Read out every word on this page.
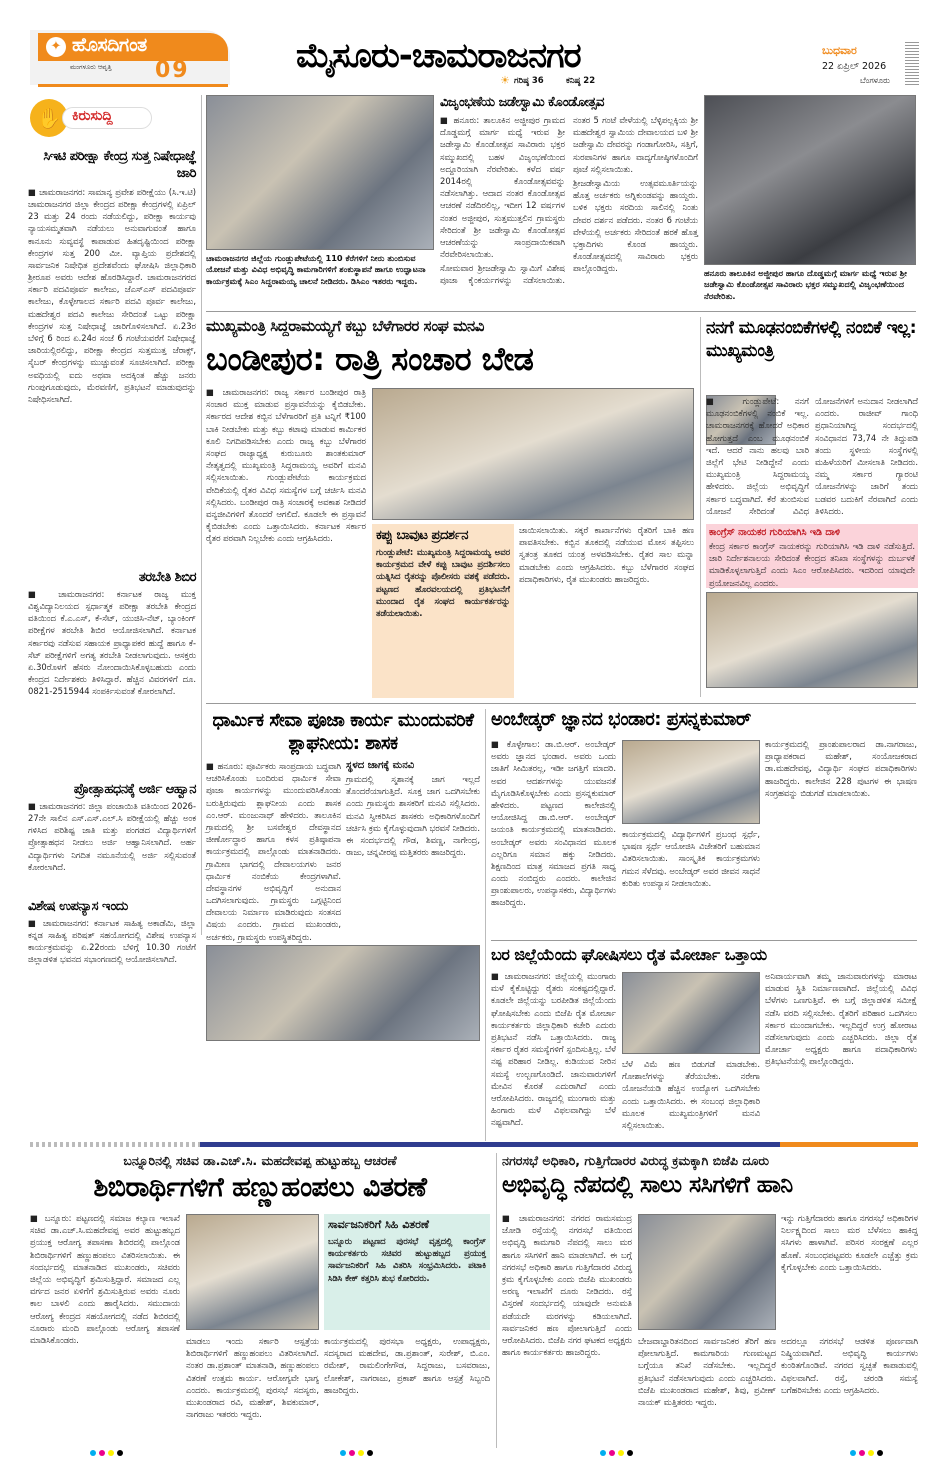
✦ ಹೊಸದಿಗಂತ
ಮಂಗಳೂರು ಆವೃತ್ತಿ 09	ಮೈಸೂರು-ಚಾಮರಾಜನಗರ
☀ ಗರಿಷ್ಠ 36	ಕನಿಷ್ಠ 22
ಬುಧವಾರ
22 ಏಪ್ರಿಲ್ 2026
ಬೆಂಗಳೂರು
✋ ಕಿರುಸುದ್ದಿ
ಸಿಇಟಿ ಪರೀಕ್ಷಾ ಕೇಂದ್ರ ಸುತ್ತ ನಿಷೇಧಾಜ್ಞೆ ಜಾರಿ
■ ಚಾಮರಾಜನಗರ: ಸಾಮಾನ್ಯ ಪ್ರವೇಶ ಪರೀಕ್ಷೆಯು (ಸಿ.ಇ.ಟಿ) ಚಾಮರಾಜನಗರ ಜಿಲ್ಲಾ ಕೇಂದ್ರದ ಪರೀಕ್ಷಾ ಕೇಂದ್ರಗಳಲ್ಲಿ ಏಪ್ರಿಲ್ 23 ಮತ್ತು 24 ರಂದು ನಡೆಯಲಿದ್ದು, ಪರೀಕ್ಷಾ ಕಾರ್ಯವು ನ್ಯಾಯಸಮ್ಮತವಾಗಿ ನಡೆಯಲು ಅನುವಾಗುವಂತೆ ಹಾಗೂ ಕಾನೂನು ಸುವ್ಯವಸ್ಥೆ ಕಾಪಾಡುವ ಹಿತದೃಷ್ಟಿಯಿಂದ ಪರೀಕ್ಷಾ ಕೇಂದ್ರಗಳ ಸುತ್ತ 200 ಮೀ. ವ್ಯಾಪ್ತಿಯ ಪ್ರದೇಶದಲ್ಲಿ ಸಾರ್ವಜನಿಕ ನಿಷೇಧಿತ ಪ್ರದೇಶವೆಂದು ಘೋಷಿಸಿ ಜಿಲ್ಲಾಧಿಕಾರಿ ಶ್ರೀರೂಪ ಅವರು ಆದೇಶ ಹೊರಡಿಸಿದ್ದಾರೆ. ಚಾಮರಾಜನಗರದ ಸರ್ಕಾರಿ ಪದವಿಪೂರ್ವ ಕಾಲೇಜು, ಜೆಎಸ್‌ಎಸ್ ಪದವಿಪೂರ್ವ ಕಾಲೇಜು, ಕೊಳ್ಳೇಗಾಲದ ಸರ್ಕಾರಿ ಪದವಿ ಪೂರ್ವ ಕಾಲೇಜು, ಮಹದೇಶ್ವರ ಪದವಿ ಕಾಲೇಜು ಸೇರಿದಂತೆ ಒಟ್ಟು ಪರೀಕ್ಷಾ ಕೇಂದ್ರಗಳ ಸುತ್ತ ನಿಷೇಧಾಜ್ಞೆ ಜಾರಿಗೊಳಿಸಲಾಗಿದೆ. ಏ.23ರ ಬೆಳಿಗ್ಗೆ 6 ರಿಂದ ಏ.24ರ ಸಂಜೆ 6 ಗಂಟೆಯವರೆಗೆ ನಿಷೇಧಾಜ್ಞೆ ಜಾರಿಯಲ್ಲಿರಲಿದ್ದು, ಪರೀಕ್ಷಾ ಕೇಂದ್ರದ ಸುತ್ತಮುತ್ತ ಜೆರಾಕ್ಸ್, ಸೈಬರ್ ಕೇಂದ್ರಗಳನ್ನು ಮುಚ್ಚುವಂತೆ ಸೂಚಿಸಲಾಗಿದೆ. ಪರೀಕ್ಷಾ ಅವಧಿಯಲ್ಲಿ ಐದು ಅಥವಾ ಅದಕ್ಕಿಂತ ಹೆಚ್ಚು ಜನರು ಗುಂಪುಗೂಡುವುದು, ಮೆರವಣಿಗೆ, ಪ್ರತಿಭಟನೆ ಮಾಡುವುದನ್ನು ನಿಷೇಧಿಸಲಾಗಿದೆ.
ತರಬೇತಿ ಶಿಬಿರ
■ ಚಾಮರಾಜನಗರ: ಕರ್ನಾಟಕ ರಾಜ್ಯ ಮುಕ್ತ ವಿಶ್ವವಿದ್ಯಾನಿಲಯದ ಸ್ಪರ್ಧಾತ್ಮಕ ಪರೀಕ್ಷಾ ತರಬೇತಿ ಕೇಂದ್ರದ ವತಿಯಿಂದ ಕೆ.ಎ.ಎಸ್, ಕೆ-ಸೆಟ್, ಯುಜಿಸಿ-ನೆಟ್, ಬ್ಯಾಂಕಿಂಗ್ ಪರೀಕ್ಷೆಗಳ ತರಬೇತಿ ಶಿಬಿರ ಆಯೋಜಿಸಲಾಗಿದೆ. ಕರ್ನಾಟಕ ಸರ್ಕಾರವು ನಡೆಸುವ ಸಹಾಯಕ ಪ್ರಾಧ್ಯಾಪಕರ ಹುದ್ದೆ ಹಾಗೂ ಕೆ-ಸೆಟ್ ಪರೀಕ್ಷೆಗಳಿಗೆ ಅಗತ್ಯ ತರಬೇತಿ ನೀಡಲಾಗುವುದು. ಆಸಕ್ತರು ಏ.30ರೊಳಗೆ ಹೆಸರು ನೋಂದಾಯಿಸಿಕೊಳ್ಳಬಹುದು ಎಂದು ಕೇಂದ್ರದ ನಿರ್ದೇಶಕರು ತಿಳಿಸಿದ್ದಾರೆ. ಹೆಚ್ಚಿನ ವಿವರಗಳಿಗೆ ದೂ. 0821-2515944 ಸಂಪರ್ಕಿಸುವಂತೆ ಕೋರಲಾಗಿದೆ.
ಪ್ರೋತ್ಸಾಹಧನಕ್ಕೆ ಅರ್ಜಿ ಆಹ್ವಾನ
■ ಚಾಮರಾಜನಗರ: ಜಿಲ್ಲಾ ಪಂಚಾಯಿತಿ ವತಿಯಿಂದ 2026-27ನೇ ಸಾಲಿನ ಎಸ್.ಎಸ್.ಎಲ್.ಸಿ ಪರೀಕ್ಷೆಯಲ್ಲಿ ಹೆಚ್ಚು ಅಂಕ ಗಳಿಸಿದ ಪರಿಶಿಷ್ಟ ಜಾತಿ ಮತ್ತು ಪಂಗಡದ ವಿದ್ಯಾರ್ಥಿಗಳಿಗೆ ಪ್ರೋತ್ಸಾಹಧನ ನೀಡಲು ಅರ್ಜಿ ಆಹ್ವಾನಿಸಲಾಗಿದೆ. ಅರ್ಹ ವಿದ್ಯಾರ್ಥಿಗಳು ನಿಗದಿತ ನಮೂನೆಯಲ್ಲಿ ಅರ್ಜಿ ಸಲ್ಲಿಸುವಂತೆ ಕೋರಲಾಗಿದೆ.
ವಿಶೇಷ ಉಪನ್ಯಾಸ ಇಂದು
■ ಚಾಮರಾಜನಗರ: ಕರ್ನಾಟಕ ಸಾಹಿತ್ಯ ಅಕಾಡೆಮಿ, ಜಿಲ್ಲಾ ಕನ್ನಡ ಸಾಹಿತ್ಯ ಪರಿಷತ್ ಸಹಯೋಗದಲ್ಲಿ ವಿಶೇಷ ಉಪನ್ಯಾಸ ಕಾರ್ಯಕ್ರಮವನ್ನು ಏ.22ರಂದು ಬೆಳಿಗ್ಗೆ 10.30 ಗಂಟೆಗೆ ಜಿಲ್ಲಾಡಳಿತ ಭವನದ ಸಭಾಂಗಣದಲ್ಲಿ ಆಯೋಜಿಸಲಾಗಿದೆ.
ಚಾಮರಾಜನಗರ ಜಿಲ್ಲೆಯ ಗುಂಡ್ಲುಪೇಟೆಯಲ್ಲಿ 110 ಕೆರೆಗಳಿಗೆ ನೀರು ತುಂಬಿಸುವ ಯೋಜನೆ ಮತ್ತು ವಿವಿಧ ಅಭಿವೃದ್ಧಿ ಕಾಮಗಾರಿಗಳಿಗೆ ಶಂಕುಸ್ಥಾಪನೆ ಹಾಗೂ ಉದ್ಘಾಟನಾ ಕಾರ್ಯಕ್ರಮಕ್ಕೆ ಸಿಎಂ ಸಿದ್ದರಾಮಯ್ಯ ಚಾಲನೆ ನೀಡಿದರು. ಡಿಸಿಎಂ ಇತರರು ಇದ್ದರು.
ವಿಜೃಂಭಣೆಯ ಜಡೇಸ್ವಾಮಿ ಕೊಂಡೋತ್ಸವ

■ ಹನೂರು: ತಾಲೂಕಿನ ಅಜ್ಜೀಪುರ ಗ್ರಾಮದ ದೊಡ್ಡಮಗ್ಗೆ ಮಾರ್ಗ ಮಧ್ಯೆ ಇರುವ ಶ್ರೀ ಜಡೇಸ್ವಾಮಿ ಕೊಂಡೋತ್ಸವ ಸಾವಿರಾರು ಭಕ್ತರ ಸಮ್ಮುಖದಲ್ಲಿ ಬಹಳ ವಿಜೃಂಭಣೆಯಿಂದ ಅದ್ದೂರಿಯಾಗಿ ನೆರವೇರಿತು. ಕಳೆದ ವರ್ಷ 2014ರಲ್ಲಿ ಕೊಂಡೋತ್ಸವವನ್ನು ನಡೆಸಲಾಗಿತ್ತು. ಆದಾದ ನಂತರ ಕೊಂಡೋತ್ಸವ ಆಚರಣೆ ನಡೆದಿರಲಿಲ್ಲ, ಇದೀಗ 12 ವರ್ಷಗಳ ನಂತರ ಅಜ್ಜೀಪುರ, ಸುತ್ತಮುತ್ತಲಿನ ಗ್ರಾಮಸ್ಥರು ಸೇರಿದಂತೆ ಶ್ರೀ ಜಡೇಸ್ವಾಮಿ ಕೊಂಡೋತ್ಸವ ಆಚರಣೆಯನ್ನು ಸಾಂಪ್ರದಾಯಿಕವಾಗಿ ನೆರವೇರಿಸಲಾಯಿತು.

ಸೋಮವಾರ ಶ್ರೀಜಡೇಸ್ವಾಮಿ ಸ್ವಾಮಿಗೆ ವಿಶೇಷ ಪೂಜಾ ಕೈಂಕರ್ಯಗಳನ್ನು ನಡೆಸಲಾಯಿತು. ನಂತರ 5 ಗಂಟೆ ವೇಳೆಯಲ್ಲಿ ಬೆಳ್ಳಿಪಲ್ಲಕ್ಕಿಯ ಶ್ರೀ ಮಹದೇಶ್ವರ ಸ್ವಾಮಿಯ ದೇವಾಲಯದ ಬಳಿ ಶ್ರೀ ಜಡೇಸ್ವಾಮಿ ದೇವರನ್ನು ಗಂಡಾಗೋರಿಸಿ, ಸತ್ತಿಗೆ, ಸುರಪಾನಿಗಳ ಹಾಗೂ ವಾದ್ಯಗೋಷ್ಠಿಗಳೊಂದಿಗೆ ಪೂಜೆ ಸಲ್ಲಿಸಲಾಯಿತು.

ಶ್ರೀಜಡೇಸ್ವಾಮಿಯ ಉತ್ಸವಮೂರ್ತಿಯನ್ನು ಹೊತ್ತ ಅರ್ಚಕರು ಅಗ್ನಿಕುಂಡವನ್ನು ಹಾಯ್ದರು. ಬಳಿಕ ಭಕ್ತರು ಸರದಿಯ ಸಾಲಿನಲ್ಲಿ ನಿಂತು ದೇವರ ದರ್ಶನ ಪಡೆದರು. ನಂತರ 6 ಗಂಟೆಯ ವೇಳೆಯಲ್ಲಿ ಅರ್ಚಕರು ಸೇರಿದಂತೆ ಹರಕೆ ಹೊತ್ತ ಭಕ್ತಾದಿಗಳು ಕೊಂಡ ಹಾಯ್ದರು. ಕೊಂಡೋತ್ಸವದಲ್ಲಿ ಸಾವಿರಾರು ಭಕ್ತರು ಪಾಲ್ಗೊಂಡಿದ್ದರು.	ಹನೂರು ತಾಲೂಕಿನ ಅಜ್ಜೀಪುರ ಹಾಗೂ ದೊಡ್ಡಮಗ್ಗೆ ಮಾರ್ಗ ಮಧ್ಯೆ ಇರುವ ಶ್ರೀ ಜಡೇಸ್ವಾಮಿ ಕೊಂಡೋತ್ಸವ ಸಾವಿರಾರು ಭಕ್ತರ ಸಮ್ಮುಖದಲ್ಲಿ ವಿಜೃಂಭಣೆಯಿಂದ ನೆರವೇರಿತು.
ಮುಖ್ಯಮಂತ್ರಿ ಸಿದ್ದರಾಮಯ್ಯಗೆ ಕಬ್ಬು ಬೆಳೆಗಾರರ ಸಂಘ ಮನವಿ
ಬಂಡೀಪುರ: ರಾತ್ರಿ ಸಂಚಾರ ಬೇಡ
■ ಚಾಮರಾಜನಗರ: ರಾಜ್ಯ ಸರ್ಕಾರ ಬಂಡೀಪುರ ರಾತ್ರಿ ಸಂಚಾರ ಮುಕ್ತ ಮಾಡುವ ಪ್ರಸ್ತಾವನೆಯನ್ನು ಕೈಬಿಡಬೇಕು. ಸರ್ಕಾರದ ಆದೇಶ ಕಬ್ಬಿನ ಬೆಳೆಗಾರರಿಗೆ ಪ್ರತಿ ಟನ್ನಿಗೆ ₹100 ಬಾಕಿ ನೀಡಬೇಕು ಮತ್ತು ಕಬ್ಬು ಕಟಾವು ಮಾಡುವ ಕಾರ್ಮಿಕರ ಕೂಲಿ ನಿಗದಿಪಡಿಸಬೇಕು ಎಂದು ರಾಜ್ಯ ಕಬ್ಬು ಬೆಳೆಗಾರರ ಸಂಘದ ರಾಜ್ಯಾಧ್ಯಕ್ಷ ಕುರುಬೂರು ಶಾಂತಕುಮಾರ್ ನೇತೃತ್ವದಲ್ಲಿ ಮುಖ್ಯಮಂತ್ರಿ ಸಿದ್ದರಾಮಯ್ಯ ಅವರಿಗೆ ಮನವಿ ಸಲ್ಲಿಸಲಾಯಿತು. ಗುಂಡ್ಲುಪೇಟೆಯ ಕಾರ್ಯಕ್ರಮದ ವೇದಿಕೆಯಲ್ಲಿ ರೈತರ ವಿವಿಧ ಸಮಸ್ಯೆಗಳ ಬಗ್ಗೆ ಚರ್ಚಿಸಿ ಮನವಿ ಸಲ್ಲಿಸಿದರು. ಬಂಡೀಪುರ ರಾತ್ರಿ ಸಂಚಾರಕ್ಕೆ ಅವಕಾಶ ನೀಡಿದರೆ ವನ್ಯಜೀವಿಗಳಿಗೆ ತೊಂದರೆ ಆಗಲಿದೆ. ಕೂಡಲೇ ಈ ಪ್ರಸ್ತಾವನೆ ಕೈಬಿಡಬೇಕು ಎಂದು ಒತ್ತಾಯಿಸಿದರು. ಕರ್ನಾಟಕ ಸರ್ಕಾರ ರೈತರ ಪರವಾಗಿ ನಿಲ್ಲಬೇಕು ಎಂದು ಆಗ್ರಹಿಸಿದರು.	ಕಪ್ಪು ಬಾವುಟ ಪ್ರದರ್ಶನ
ಗುಂಡ್ಲುಪೇಟೆ: ಮುಖ್ಯಮಂತ್ರಿ ಸಿದ್ದರಾಮಯ್ಯ ಅವರ ಕಾರ್ಯಕ್ರಮದ ವೇಳೆ ಕಪ್ಪು ಬಾವುಟ ಪ್ರದರ್ಶಿಸಲು ಯತ್ನಿಸಿದ ರೈತರನ್ನು ಪೊಲೀಸರು ವಶಕ್ಕೆ ಪಡೆದರು. ಪಟ್ಟಣದ ಹೊರವಲಯದಲ್ಲಿ ಪ್ರತಿಭಟನೆಗೆ ಮುಂದಾದ ರೈತ ಸಂಘದ ಕಾರ್ಯಕರ್ತರನ್ನು ತಡೆಯಲಾಯಿತು.
ಜಾಯಿಸಲಾಯಿತು. ಸಕ್ಕರೆ ಕಾರ್ಖಾನೆಗಳು ರೈತರಿಗೆ ಬಾಕಿ ಹಣ ಪಾವತಿಸಬೇಕು. ಕಬ್ಬಿನ ತೂಕದಲ್ಲಿ ನಡೆಯುವ ಮೋಸ ತಪ್ಪಿಸಲು ಸ್ವತಂತ್ರ ತೂಕದ ಯಂತ್ರ ಅಳವಡಿಸಬೇಕು. ರೈತರ ಸಾಲ ಮನ್ನಾ ಮಾಡಬೇಕು ಎಂದು ಆಗ್ರಹಿಸಿದರು. ಕಬ್ಬು ಬೆಳೆಗಾರರ ಸಂಘದ ಪದಾಧಿಕಾರಿಗಳು, ರೈತ ಮುಖಂಡರು ಹಾಜರಿದ್ದರು.
ನನಗೆ ಮೂಢನಂಬಿಕೆಗಳಲ್ಲಿ ನಂಬಿಕೆ ಇಲ್ಲ: ಮುಖ್ಯಮಂತ್ರಿ
■ ಗುಂಡ್ಲುಪೇಟೆ: ನನಗೆ ಮೂಢನಂಬಿಕೆಗಳಲ್ಲಿ ನಂಬಿಕೆ ಇಲ್ಲ. ಚಾಮರಾಜನಗರಕ್ಕೆ ಹೋದರೆ ಅಧಿಕಾರ ಹೋಗುತ್ತದೆ ಎಂಬ ಮೂಢನಂಬಿಕೆ ಇದೆ. ಆದರೆ ನಾನು ಹಲವು ಬಾರಿ ಜಿಲ್ಲೆಗೆ ಭೇಟಿ ನೀಡಿದ್ದೇನೆ ಎಂದು ಮುಖ್ಯಮಂತ್ರಿ ಸಿದ್ದರಾಮಯ್ಯ ಹೇಳಿದರು. ಜಿಲ್ಲೆಯ ಅಭಿವೃದ್ಧಿಗೆ ಸರ್ಕಾರ ಬದ್ಧವಾಗಿದೆ. ಕೆರೆ ತುಂಬಿಸುವ ಯೋಜನೆ ಸೇರಿದಂತೆ ವಿವಿಧ ಯೋಜನೆಗಳಿಗೆ ಅನುದಾನ ನೀಡಲಾಗಿದೆ ಎಂದರು. ರಾಜೀವ್ ಗಾಂಧಿ ಪ್ರಧಾನಿಯಾಗಿದ್ದ ಸಂದರ್ಭದಲ್ಲಿ ಸಂವಿಧಾನದ 73,74 ನೇ ತಿದ್ದುಪಡಿ ತಂದು ಸ್ಥಳೀಯ ಸಂಸ್ಥೆಗಳಲ್ಲಿ ಮಹಿಳೆಯರಿಗೆ ಮೀಸಲಾತಿ ನೀಡಿದರು. ನಮ್ಮ ಸರ್ಕಾರ ಗ್ಯಾರಂಟಿ ಯೋಜನೆಗಳನ್ನು ಜಾರಿಗೆ ತಂದು ಬಡವರ ಬದುಕಿಗೆ ನೆರವಾಗಿದೆ ಎಂದು ತಿಳಿಸಿದರು.
ಕಾಂಗ್ರೆಸ್ ನಾಯಕರ ಗುರಿಯಾಗಿಸಿ ಇಡಿ ದಾಳಿ
ಕೇಂದ್ರ ಸರ್ಕಾರ ಕಾಂಗ್ರೆಸ್ ನಾಯಕರನ್ನು ಗುರಿಯಾಗಿಸಿ ಇಡಿ ದಾಳಿ ನಡೆಸುತ್ತಿದೆ. ಜಾರಿ ನಿರ್ದೇಶನಾಲಯ ಸೇರಿದಂತೆ ಕೇಂದ್ರದ ತನಿಖಾ ಸಂಸ್ಥೆಗಳನ್ನು ದುರ್ಬಳಕೆ ಮಾಡಿಕೊಳ್ಳಲಾಗುತ್ತಿದೆ ಎಂದು ಸಿಎಂ ಆರೋಪಿಸಿದರು. ಇದರಿಂದ ಯಾವುದೇ ಪ್ರಯೋಜನವಿಲ್ಲ ಎಂದರು.
ಧಾರ್ಮಿಕ ಸೇವಾ ಪೂಜಾ ಕಾರ್ಯ ಮುಂದುವರಿಕೆ ಶ್ಲಾಘನೀಯ: ಶಾಸಕ
■ ಹನೂರು: ಪೂರ್ವಿಕರು ಸಾಂಪ್ರದಾಯ ಬದ್ಧವಾಗಿ ಆಚರಿಸಿಕೊಂಡು ಬಂದಿರುವ ಧಾರ್ಮಿಕ ಸೇವಾ ಪೂಜಾ ಕಾರ್ಯಗಳನ್ನು ಮುಂದುವರಿಸಿಕೊಂಡು ಬರುತ್ತಿರುವುದು ಶ್ಲಾಘನೀಯ ಎಂದು ಶಾಸಕ ಎಂ.ಆರ್. ಮಂಜುನಾಥ್ ಹೇಳಿದರು. ತಾಲೂಕಿನ ಗ್ರಾಮದಲ್ಲಿ ಶ್ರೀ ಬಸವೇಶ್ವರ ದೇವಸ್ಥಾನದ ಜೀರ್ಣೋದ್ಧಾರ ಹಾಗೂ ಕಳಸ ಪ್ರತಿಷ್ಠಾಪನಾ ಕಾರ್ಯಕ್ರಮದಲ್ಲಿ ಪಾಲ್ಗೊಂಡು ಮಾತನಾಡಿದರು. ಗ್ರಾಮೀಣ ಭಾಗದಲ್ಲಿ ದೇವಾಲಯಗಳು ಜನರ ಧಾರ್ಮಿಕ ನಂಬಿಕೆಯ ಕೇಂದ್ರಗಳಾಗಿವೆ. ದೇವಸ್ಥಾನಗಳ ಅಭಿವೃದ್ಧಿಗೆ ಅನುದಾನ ಒದಗಿಸಲಾಗುವುದು. ಗ್ರಾಮಸ್ಥರು ಒಗ್ಗಟ್ಟಿನಿಂದ ದೇವಾಲಯ ನಿರ್ಮಾಣ ಮಾಡಿರುವುದು ಸಂತಸದ ವಿಷಯ ಎಂದರು. ಗ್ರಾಮದ ಮುಖಂಡರು, ಅರ್ಚಕರು, ಗ್ರಾಮಸ್ಥರು ಉಪಸ್ಥಿತರಿದ್ದರು.
ಸ್ಥಳದ ಜಾಗಕ್ಕೆ ಮನವಿ
ಗ್ರಾಮದಲ್ಲಿ ಸ್ಮಶಾನಕ್ಕೆ ಜಾಗ ಇಲ್ಲದೆ ತೊಂದರೆಯಾಗುತ್ತಿದೆ. ಸೂಕ್ತ ಜಾಗ ಒದಗಿಸಬೇಕು ಎಂದು ಗ್ರಾಮಸ್ಥರು ಶಾಸಕರಿಗೆ ಮನವಿ ಸಲ್ಲಿಸಿದರು. ಮನವಿ ಸ್ವೀಕರಿಸಿದ ಶಾಸಕರು ಅಧಿಕಾರಿಗಳೊಂದಿಗೆ ಚರ್ಚಿಸಿ ಕ್ರಮ ಕೈಗೊಳ್ಳುವುದಾಗಿ ಭರವಸೆ ನೀಡಿದರು. ಈ ಸಂದರ್ಭದಲ್ಲಿ ಗೌಡ, ಶಿವಣ್ಣ, ನಾಗೇಂದ್ರ, ರಾಜು, ಚನ್ನವೀರಪ್ಪ ಮತ್ತಿತರರು ಹಾಜರಿದ್ದರು.
ಅಂಬೇಡ್ಕರ್ ಜ್ಞಾನದ ಭಂಡಾರ: ಪ್ರಸನ್ನಕುಮಾರ್
■ ಕೊಳ್ಳೇಗಾಲ: ಡಾ.ಬಿ.ಆರ್. ಅಂಬೇಡ್ಕರ್ ಅವರು ಜ್ಞಾನದ ಭಂಡಾರ. ಅವರು ಒಂದು ಜಾತಿಗೆ ಸೀಮಿತರಲ್ಲ, ಇಡೀ ಜಗತ್ತಿಗೆ ಮಾದರಿ. ಅವರ ಆದರ್ಶಗಳನ್ನು ಯುವಜನತೆ ಮೈಗೂಡಿಸಿಕೊಳ್ಳಬೇಕು ಎಂದು ಪ್ರಸನ್ನಕುಮಾರ್ ಹೇಳಿದರು. ಪಟ್ಟಣದ ಕಾಲೇಜಿನಲ್ಲಿ ಆಯೋಜಿಸಿದ್ದ ಡಾ.ಬಿ.ಆರ್. ಅಂಬೇಡ್ಕರ್ ಜಯಂತಿ ಕಾರ್ಯಕ್ರಮದಲ್ಲಿ ಮಾತನಾಡಿದರು. ಅಂಬೇಡ್ಕರ್ ಅವರು ಸಂವಿಧಾನದ ಮೂಲಕ ಎಲ್ಲರಿಗೂ ಸಮಾನ ಹಕ್ಕು ನೀಡಿದರು. ಶಿಕ್ಷಣದಿಂದ ಮಾತ್ರ ಸಮಾಜದ ಪ್ರಗತಿ ಸಾಧ್ಯ ಎಂದು ನಂಬಿದ್ದರು ಎಂದರು. ಕಾಲೇಜಿನ ಪ್ರಾಂಶುಪಾಲರು, ಉಪನ್ಯಾಸಕರು, ವಿದ್ಯಾರ್ಥಿಗಳು ಹಾಜರಿದ್ದರು.
ಕಾರ್ಯಕ್ರಮದಲ್ಲಿ ವಿದ್ಯಾರ್ಥಿಗಳಿಗೆ ಪ್ರಬಂಧ ಸ್ಪರ್ಧೆ, ಭಾಷಣ ಸ್ಪರ್ಧೆ ಆಯೋಜಿಸಿ ವಿಜೇತರಿಗೆ ಬಹುಮಾನ ವಿತರಿಸಲಾಯಿತು. ಸಾಂಸ್ಕೃತಿಕ ಕಾರ್ಯಕ್ರಮಗಳು ಗಮನ ಸೆಳೆದವು. ಅಂಬೇಡ್ಕರ್ ಅವರ ಜೀವನ ಸಾಧನೆ ಕುರಿತು ಉಪನ್ಯಾಸ ನೀಡಲಾಯಿತು.
ಕಾರ್ಯಕ್ರಮದಲ್ಲಿ ಪ್ರಾಂಶುಪಾಲರಾದ ಡಾ.ನಾಗರಾಜು, ಪ್ರಾಧ್ಯಾಪಕರಾದ ಮಹೇಶ್, ಸಂಯೋಜಕರಾದ ಡಾ.ಮಹದೇವಪ್ಪ, ವಿದ್ಯಾರ್ಥಿ ಸಂಘದ ಪದಾಧಿಕಾರಿಗಳು ಹಾಜರಿದ್ದರು. ಕಾಲೇಜಿನ 228 ಪುಟಗಳ ಈ ಭಾಷಣ ಸಂಗ್ರಹವನ್ನು ಬಿಡುಗಡೆ ಮಾಡಲಾಯಿತು.
ಬರ ಜಿಲ್ಲೆಯೆಂದು ಘೋಷಿಸಲು ರೈತ ಮೋರ್ಚಾ ಒತ್ತಾಯ
■ ಚಾಮರಾಜನಗರ: ಜಿಲ್ಲೆಯಲ್ಲಿ ಮುಂಗಾರು ಮಳೆ ಕೈಕೊಟ್ಟಿದ್ದು ರೈತರು ಸಂಕಷ್ಟದಲ್ಲಿದ್ದಾರೆ. ಕೂಡಲೇ ಜಿಲ್ಲೆಯನ್ನು ಬರಪೀಡಿತ ಜಿಲ್ಲೆಯೆಂದು ಘೋಷಿಸಬೇಕು ಎಂದು ಬಿಜೆಪಿ ರೈತ ಮೋರ್ಚಾ ಕಾರ್ಯಕರ್ತರು ಜಿಲ್ಲಾಧಿಕಾರಿ ಕಚೇರಿ ಎದುರು ಪ್ರತಿಭಟನೆ ನಡೆಸಿ ಒತ್ತಾಯಿಸಿದರು. ರಾಜ್ಯ ಸರ್ಕಾರ ರೈತರ ಸಮಸ್ಯೆಗಳಿಗೆ ಸ್ಪಂದಿಸುತ್ತಿಲ್ಲ. ಬೆಳೆ ನಷ್ಟ ಪರಿಹಾರ ನೀಡಿಲ್ಲ. ಕುಡಿಯುವ ನೀರಿನ ಸಮಸ್ಯೆ ಉಲ್ಬಣಗೊಂಡಿದೆ. ಜಾನುವಾರುಗಳಿಗೆ ಮೇವಿನ ಕೊರತೆ ಎದುರಾಗಿದೆ ಎಂದು ಆರೋಪಿಸಿದರು. ರಾಜ್ಯದಲ್ಲಿ ಮುಂಗಾರು ಮತ್ತು ಹಿಂಗಾರು ಮಳೆ ವಿಫಲವಾಗಿದ್ದು ಬೆಳೆ ನಷ್ಟವಾಗಿದೆ.
ಬೆಳೆ ವಿಮೆ ಹಣ ಬಿಡುಗಡೆ ಮಾಡಬೇಕು. ಗೋಶಾಲೆಗಳನ್ನು ತೆರೆಯಬೇಕು. ನರೇಗಾ ಯೋಜನೆಯಡಿ ಹೆಚ್ಚಿನ ಉದ್ಯೋಗ ಒದಗಿಸಬೇಕು ಎಂದು ಒತ್ತಾಯಿಸಿದರು. ಈ ಸಂಬಂಧ ಜಿಲ್ಲಾಧಿಕಾರಿ ಮೂಲಕ ಮುಖ್ಯಮಂತ್ರಿಗಳಿಗೆ ಮನವಿ ಸಲ್ಲಿಸಲಾಯಿತು.
ಅನಿವಾರ್ಯವಾಗಿ ತಮ್ಮ ಜಾನುವಾರುಗಳನ್ನು ಮಾರಾಟ ಮಾಡುವ ಸ್ಥಿತಿ ನಿರ್ಮಾಣವಾಗಿದೆ. ಜಿಲ್ಲೆಯಲ್ಲಿ ವಿವಿಧ ಬೆಳೆಗಳು ಒಣಗುತ್ತಿವೆ. ಈ ಬಗ್ಗೆ ಜಿಲ್ಲಾಡಳಿತ ಸಮೀಕ್ಷೆ ನಡೆಸಿ ವರದಿ ಸಲ್ಲಿಸಬೇಕು. ರೈತರಿಗೆ ಪರಿಹಾರ ಒದಗಿಸಲು ಸರ್ಕಾರ ಮುಂದಾಗಬೇಕು. ಇಲ್ಲದಿದ್ದರೆ ಉಗ್ರ ಹೋರಾಟ ನಡೆಸಲಾಗುವುದು ಎಂದು ಎಚ್ಚರಿಸಿದರು. ಜಿಲ್ಲಾ ರೈತ ಮೋರ್ಚಾ ಅಧ್ಯಕ್ಷರು ಹಾಗೂ ಪದಾಧಿಕಾರಿಗಳು ಪ್ರತಿಭಟನೆಯಲ್ಲಿ ಪಾಲ್ಗೊಂಡಿದ್ದರು.
ಬನ್ನೂರಿನಲ್ಲಿ ಸಚಿವ ಡಾ.ಎಚ್.ಸಿ. ಮಹದೇವಪ್ಪ ಹುಟ್ಟುಹಬ್ಬ ಆಚರಣೆ
ಶಿಬಿರಾರ್ಥಿಗಳಿಗೆ ಹಣ್ಣುಹಂಪಲು ವಿತರಣೆ
■ ಬನ್ನೂರು: ಪಟ್ಟಣದಲ್ಲಿ ಸಮಾಜ ಕಲ್ಯಾಣ ಇಲಾಖೆ ಸಚಿವ ಡಾ.ಎಚ್.ಸಿ.ಮಹದೇವಪ್ಪ ಅವರ ಹುಟ್ಟುಹಬ್ಬದ ಪ್ರಯುಕ್ತ ಆರೋಗ್ಯ ತಪಾಸಣಾ ಶಿಬಿರದಲ್ಲಿ ಪಾಲ್ಗೊಂಡ ಶಿಬಿರಾರ್ಥಿಗಳಿಗೆ ಹಣ್ಣುಹಂಪಲು ವಿತರಿಸಲಾಯಿತು. ಈ ಸಂದರ್ಭದಲ್ಲಿ ಮಾತನಾಡಿದ ಮುಖಂಡರು, ಸಚಿವರು ಜಿಲ್ಲೆಯ ಅಭಿವೃದ್ಧಿಗೆ ಶ್ರಮಿಸುತ್ತಿದ್ದಾರೆ. ಸಮಾಜದ ಎಲ್ಲ ವರ್ಗದ ಜನರ ಏಳಿಗೆಗೆ ಶ್ರಮಿಸುತ್ತಿರುವ ಅವರು ನೂರು ಕಾಲ ಬಾಳಲಿ ಎಂದು ಹಾರೈಸಿದರು. ಸಮುದಾಯ ಆರೋಗ್ಯ ಕೇಂದ್ರದ ಸಹಯೋಗದಲ್ಲಿ ನಡೆದ ಶಿಬಿರದಲ್ಲಿ ನೂರಾರು ಮಂದಿ ಪಾಲ್ಗೊಂಡು ಆರೋಗ್ಯ ತಪಾಸಣೆ ಮಾಡಿಸಿಕೊಂಡರು.
ಸಾರ್ವಜನಿಕರಿಗೆ ಸಿಹಿ ವಿತರಣೆ
ಬನ್ನೂರು ಪಟ್ಟಣದ ಪುರಸಭೆ ವೃತ್ತದಲ್ಲಿ ಕಾಂಗ್ರೆಸ್ ಕಾರ್ಯಕರ್ತರು ಸಚಿವರ ಹುಟ್ಟುಹಬ್ಬದ ಪ್ರಯುಕ್ತ ಸಾರ್ವಜನಿಕರಿಗೆ ಸಿಹಿ ವಿತರಿಸಿ ಸಂಭ್ರಮಿಸಿದರು. ಪಟಾಕಿ ಸಿಡಿಸಿ ಕೇಕ್ ಕತ್ತರಿಸಿ ಶುಭ ಕೋರಿದರು.
ಮಾಡಲು ಇಂದು ಸರ್ಕಾರಿ ಆಸ್ಪತ್ರೆಯ ಶಿಬಿರಾರ್ಥಿಗಳಿಗೆ ಹಣ್ಣುಹಂಪಲು ವಿತರಿಸಲಾಗಿದೆ. ನಂತರ ಡಾ.ಪ್ರಶಾಂತ್ ಮಾತನಾಡಿ, ಹಣ್ಣುಹಂಪಲು ವಿತರಣೆ ಉತ್ತಮ ಕಾರ್ಯ. ಆರೋಗ್ಯವೇ ಭಾಗ್ಯ ಎಂದರು. ಕಾರ್ಯಕ್ರಮದಲ್ಲಿ ಪುರಸಭೆ ಸದಸ್ಯರು, ಮುಖಂಡರಾದ ರವಿ, ಮಹೇಶ್, ಶಿವಕುಮಾರ್, ನಾಗರಾಜು ಇತರರು ಇದ್ದರು.
ಕಾರ್ಯಕ್ರಮದಲ್ಲಿ ಪುರಸಭಾ ಅಧ್ಯಕ್ಷರು, ಉಪಾಧ್ಯಕ್ಷರು, ಸದಸ್ಯರಾದ ಮಹದೇವ, ಡಾ.ಪ್ರಶಾಂತ್, ಸುರೇಶ್, ಬಿ.ಎಂ. ರಮೇಶ್, ರಾಮಲಿಂಗೇಗೌಡ, ಸಿದ್ದರಾಜು, ಬಸವರಾಜು, ಲೋಕೇಶ್, ನಾಗರಾಜು, ಪ್ರಕಾಶ್ ಹಾಗೂ ಆಸ್ಪತ್ರೆ ಸಿಬ್ಬಂದಿ ಹಾಜರಿದ್ದರು.
ನಗರಸಭೆ ಅಧಿಕಾರಿ, ಗುತ್ತಿಗೆದಾರರ ವಿರುದ್ಧ ಕ್ರಮಕ್ಕಾಗಿ ಬಿಜೆಪಿ ದೂರು
ಅಭಿವೃದ್ಧಿ ನೆಪದಲ್ಲಿ ಸಾಲು ಸಸಿಗಳಿಗೆ ಹಾನಿ
■ ಚಾಮರಾಜನಗರ: ನಗರದ ರಾಮಸಮುದ್ರ ಜೋಡಿ ರಸ್ತೆಯಲ್ಲಿ ನಗರಸಭೆ ವತಿಯಿಂದ ಅಭಿವೃದ್ಧಿ ಕಾಮಗಾರಿ ನೆಪದಲ್ಲಿ ಸಾಲು ಮರ ಹಾಗೂ ಸಸಿಗಳಿಗೆ ಹಾನಿ ಮಾಡಲಾಗಿದೆ. ಈ ಬಗ್ಗೆ ನಗರಸಭೆ ಅಧಿಕಾರಿ ಹಾಗೂ ಗುತ್ತಿಗೆದಾರರ ವಿರುದ್ಧ ಕ್ರಮ ಕೈಗೊಳ್ಳಬೇಕು ಎಂದು ಬಿಜೆಪಿ ಮುಖಂಡರು ಅರಣ್ಯ ಇಲಾಖೆಗೆ ದೂರು ನೀಡಿದರು. ರಸ್ತೆ ವಿಸ್ತರಣೆ ಸಂದರ್ಭದಲ್ಲಿ ಯಾವುದೇ ಅನುಮತಿ ಪಡೆಯದೇ ಮರಗಳನ್ನು ಕಡಿಯಲಾಗಿದೆ. ಸಾರ್ವಜನಿಕರ ಹಣ ಪೋಲಾಗುತ್ತಿದೆ ಎಂದು ಆರೋಪಿಸಿದರು. ಬಿಜೆಪಿ ನಗರ ಘಟಕದ ಅಧ್ಯಕ್ಷರು ಹಾಗೂ ಕಾರ್ಯಕರ್ತರು ಹಾಜರಿದ್ದರು.
ಬೇಜವಾಬ್ದಾರಿತನದಿಂದ ಸಾರ್ವಜನಿಕರ ತೆರಿಗೆ ಹಣ ಪೋಲಾಗುತ್ತಿದೆ. ಕಾಮಗಾರಿಯ ಗುಣಮಟ್ಟದ ಬಗ್ಗೆಯೂ ತನಿಖೆ ನಡೆಸಬೇಕು. ಇಲ್ಲದಿದ್ದರೆ ಪ್ರತಿಭಟನೆ ನಡೆಸಲಾಗುವುದು ಎಂದು ಎಚ್ಚರಿಸಿದರು. ಬಿಜೆಪಿ ಮುಖಂಡರಾದ ಮಹೇಶ್, ಶಿವು, ಪ್ರವೀಣ್ ನಾಯಕ್ ಮತ್ತಿತರರು ಇದ್ದರು.
ಇನ್ನು ಗುತ್ತಿಗೆದಾರರು ಹಾಗೂ ನಗರಸಭೆ ಅಧಿಕಾರಿಗಳ ನಿರ್ಲಕ್ಷ್ಯದಿಂದ ಸಾಲು ಮರ ಬೆಳೆಸಲು ಹಾಕಿದ್ದ ಸಸಿಗಳು ಹಾಳಾಗಿವೆ. ಪರಿಸರ ಸಂರಕ್ಷಣೆ ಎಲ್ಲರ ಹೊಣೆ. ಸಂಬಂಧಪಟ್ಟವರು ಕೂಡಲೇ ಎಚ್ಚೆತ್ತು ಕ್ರಮ ಕೈಗೊಳ್ಳಬೇಕು ಎಂದು ಒತ್ತಾಯಿಸಿದರು.
ಅದರಲ್ಲೂ ನಗರಸಭೆ ಆಡಳಿತ ಪೂರ್ಣವಾಗಿ ನಿಷ್ಕ್ರಿಯವಾಗಿದೆ. ಅಭಿವೃದ್ಧಿ ಕಾರ್ಯಗಳು ಕುಂಠಿತಗೊಂಡಿವೆ. ನಗರದ ಸ್ವಚ್ಛತೆ ಕಾಪಾಡುವಲ್ಲಿ ವಿಫಲವಾಗಿದೆ. ರಸ್ತೆ, ಚರಂಡಿ ಸಮಸ್ಯೆ ಬಗೆಹರಿಸಬೇಕು ಎಂದು ಆಗ್ರಹಿಸಿದರು.
